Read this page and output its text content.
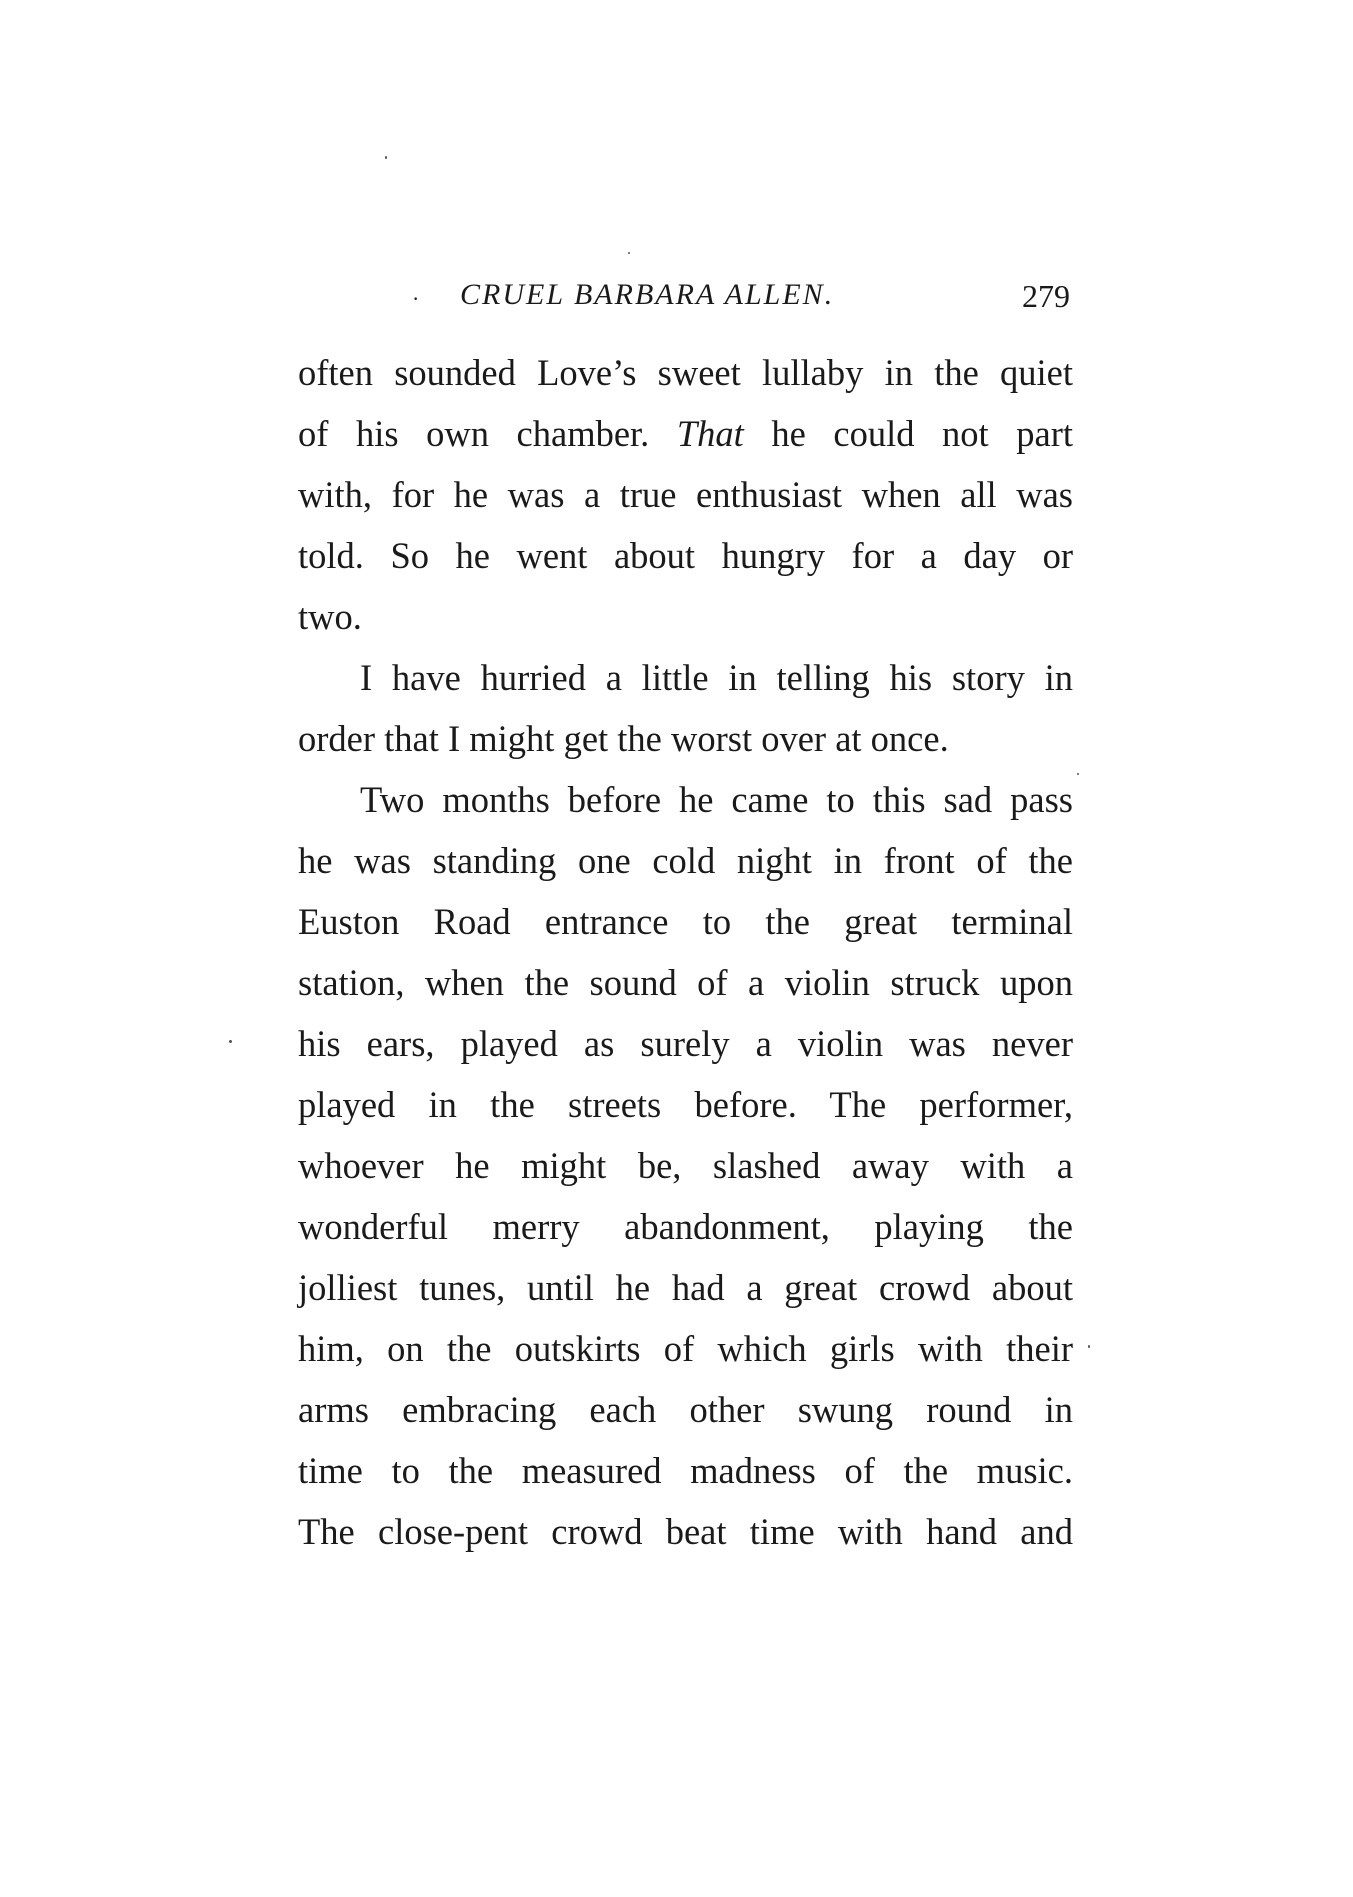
· CRUEL BARBARA ALLEN.	279
often sounded Love’s sweet lullaby in the quiet
of his own chamber. That he could not part
with, for he was a true enthusiast when all was
told. So he went about hungry for a day or
two.
I have hurried a little in telling his story in
order that I might get the worst over at once.
Two months before he came to this sad pass
he was standing one cold night in front of the
Euston Road entrance to the great terminal
station, when the sound of a violin struck upon
his ears, played as surely a violin was never
played in the streets before. The performer,
whoever he might be, slashed away with a
wonderful merry abandonment, playing the
jolliest tunes, until he had a great crowd about
him, on the outskirts of which girls with their
arms embracing each other swung round in
time to the measured madness of the music.
The close-pent crowd beat time with hand and
